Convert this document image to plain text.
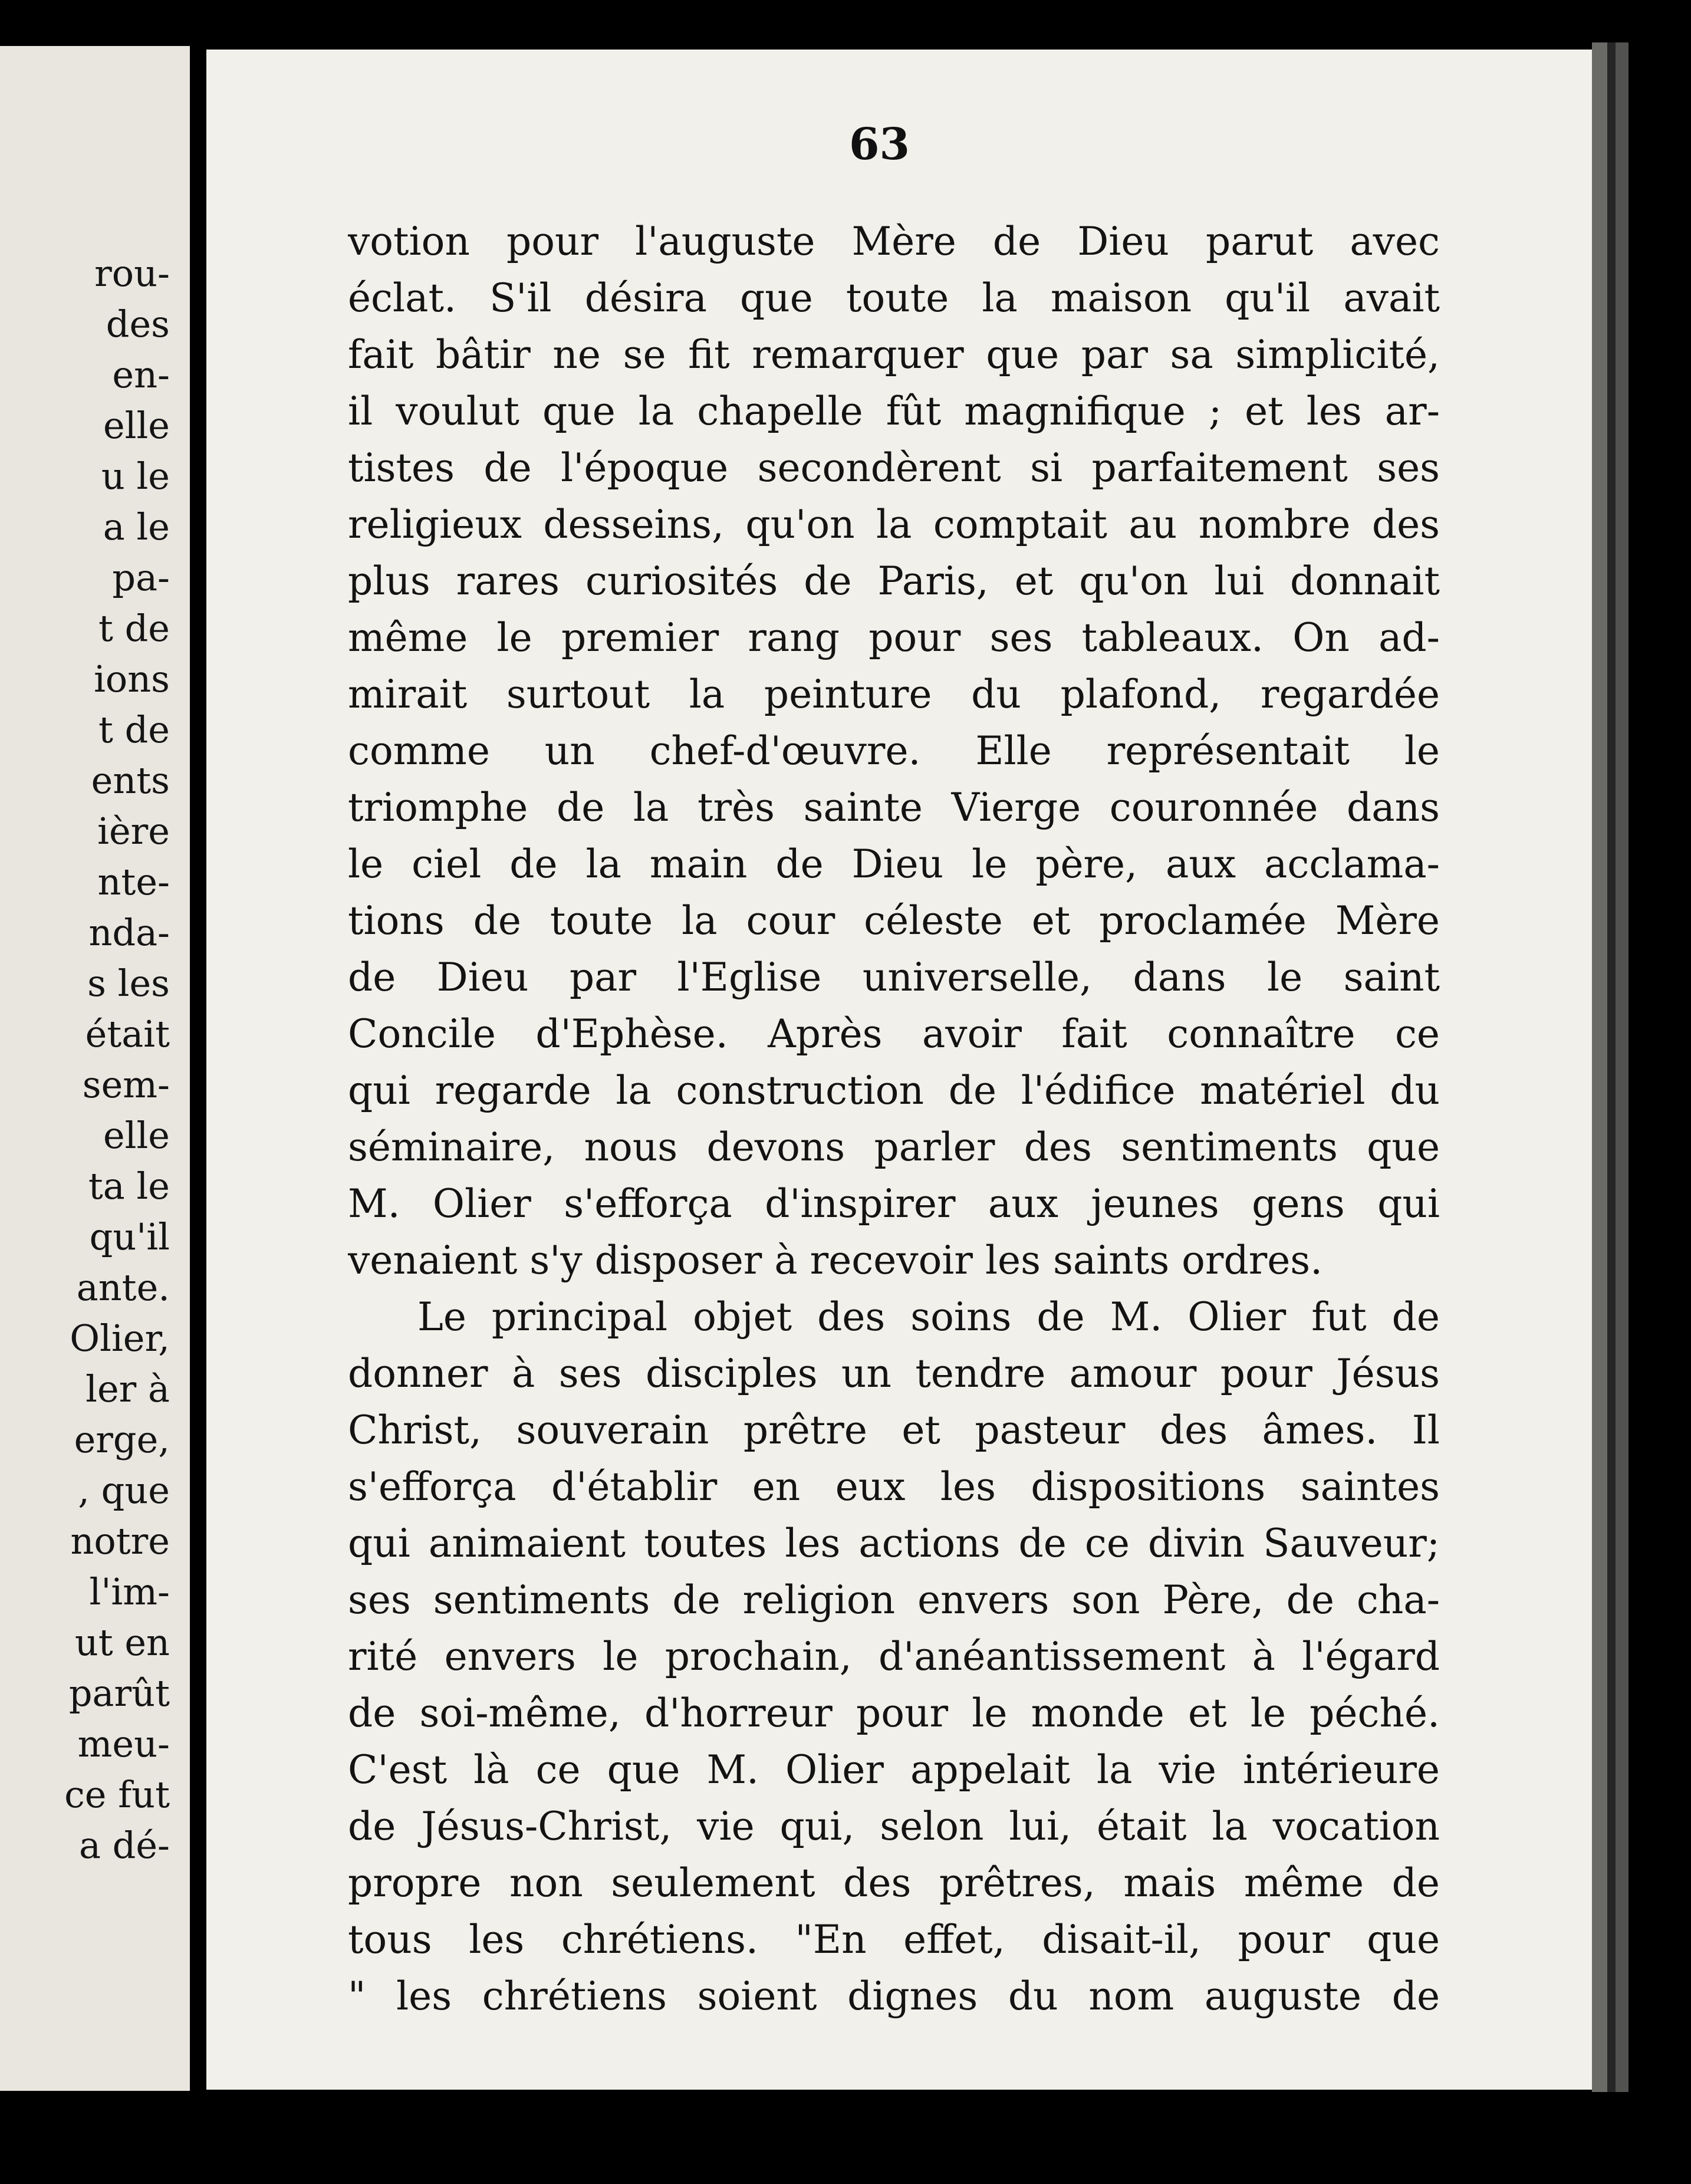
rou-
des
en-
elle
u le
a le
pa-
t de
ions
t de
ents
ière
nte-
nda-
s les
était
sem-
elle
ta le
qu'il
ante.
Olier,
ler à
erge,
, que
notre
l'im-
ut en
parût
meu-
ce fut
a dé-
63
votion pour l'auguste Mère de Dieu parut avec
éclat. S'il désira que toute la maison qu'il avait
fait bâtir ne se fit remarquer que par sa simplicité,
il voulut que la chapelle fût magnifique ; et les ar-
tistes de l'époque secondèrent si parfaitement ses
religieux desseins, qu'on la comptait au nombre des
plus rares curiosités de Paris, et qu'on lui donnait
même le premier rang pour ses tableaux. On ad-
mirait surtout la peinture du plafond, regardée
comme un chef-d'œuvre. Elle représentait le
triomphe de la très sainte Vierge couronnée dans
le ciel de la main de Dieu le père, aux acclama-
tions de toute la cour céleste et proclamée Mère
de Dieu par l'Eglise universelle, dans le saint
Concile d'Ephèse. Après avoir fait connaître ce
qui regarde la construction de l'édifice matériel du
séminaire, nous devons parler des sentiments que
M. Olier s'efforça d'inspirer aux jeunes gens qui
venaient s'y disposer à recevoir les saints ordres.
Le principal objet des soins de M. Olier fut de
donner à ses disciples un tendre amour pour Jésus
Christ, souverain prêtre et pasteur des âmes. Il
s'efforça d'établir en eux les dispositions saintes
qui animaient toutes les actions de ce divin Sauveur;
ses sentiments de religion envers son Père, de cha-
rité envers le prochain, d'anéantissement à l'égard
de soi-même, d'horreur pour le monde et le péché.
C'est là ce que M. Olier appelait la vie intérieure
de Jésus-Christ, vie qui, selon lui, était la vocation
propre non seulement des prêtres, mais même de
tous les chrétiens. "En effet, disait-il, pour que
" les chrétiens soient dignes du nom auguste de
